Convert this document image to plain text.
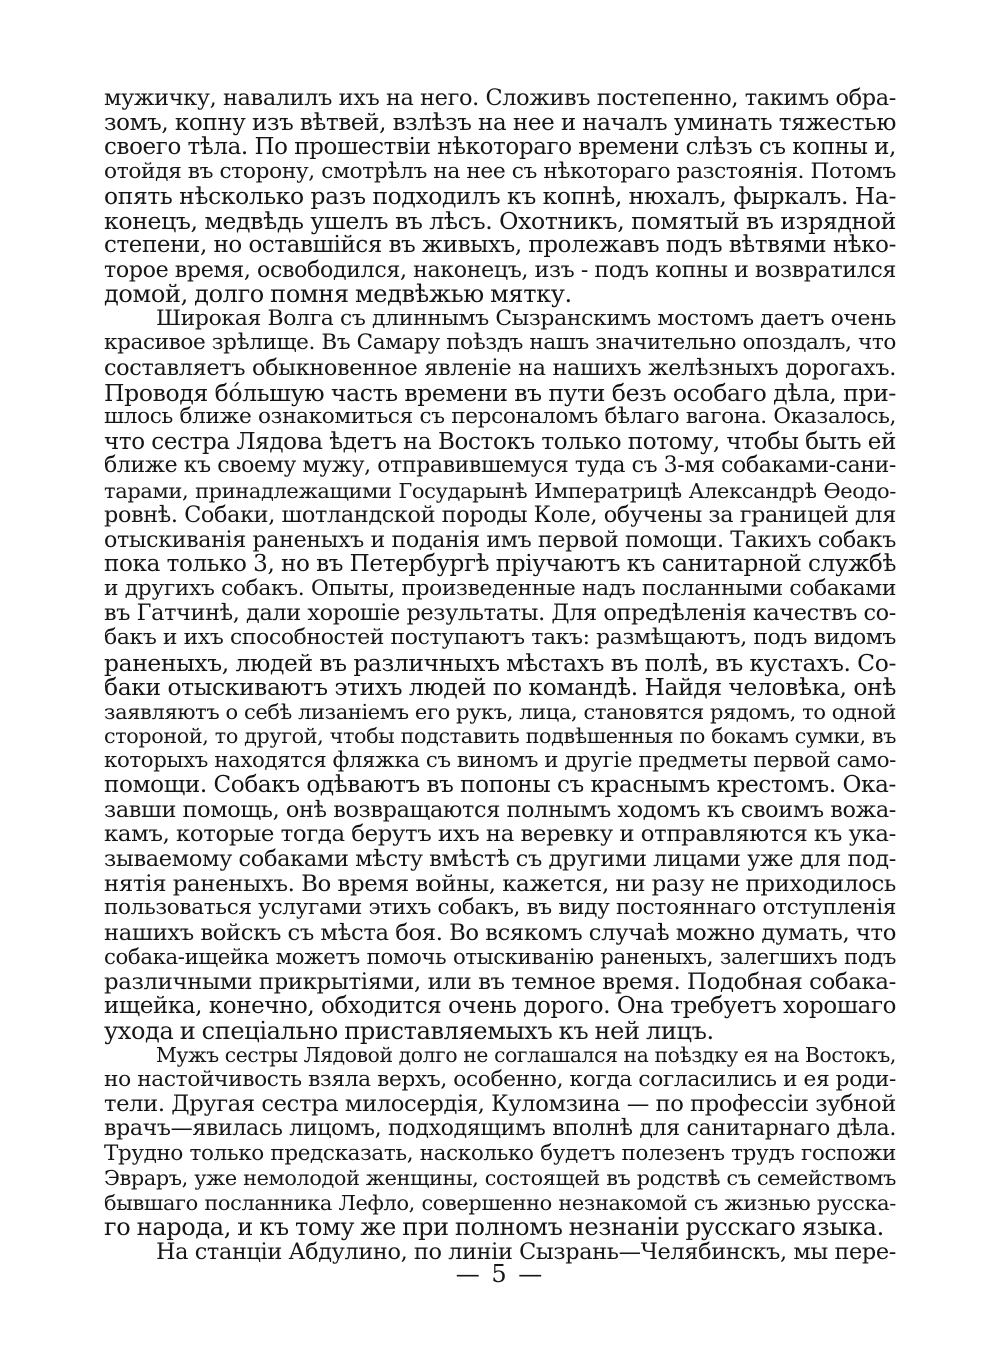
мужичку, навалилъ ихъ на него. Сложивъ постепенно, такимъ обра-
зомъ, копну изъ вѣтвей, взлѣзъ на нее и началъ уминать тяжестью
своего тѣла. По прошествіи нѣкотораго времени слѣзъ съ копны и,
отойдя въ сторону, смотрѣлъ на нее съ нѣкотораго разстоянія. Потомъ
опять нѣсколько разъ подходилъ къ копнѣ, нюхалъ, фыркалъ. На-
конецъ, медвѣдь ушелъ въ лѣсъ. Охотникъ, помятый въ изрядной
степени, но оставшійся въ живыхъ, пролежавъ подъ вѣтвями нѣко-
торое время, освободился, наконецъ, изъ - подъ копны и возвратился
домой, долго помня медвѣжью мятку.
Широкая Волга съ длиннымъ Сызранскимъ мостомъ даетъ очень
красивое зрѣлище. Въ Самару поѣздъ нашъ значительно опоздалъ, что
составляетъ обыкновенное явленіе на нашихъ желѣзныхъ дорогахъ.
Проводя бóльшую часть времени въ пути безъ особаго дѣла, при-
шлось ближе ознакомиться съ персоналомъ бѣлаго вагона. Оказалось,
что сестра Лядова ѣдетъ на Востокъ только потому, чтобы быть ей
ближе къ своему мужу, отправившемуся туда съ 3-мя собаками-сани-
тарами, принадлежащими Государынѣ Императрицѣ Александрѣ Ѳеодо-
ровнѣ. Собаки, шотландской породы Коле, обучены за границей для
отыскиванія раненыхъ и поданія имъ первой помощи. Такихъ собакъ
пока только 3, но въ Петербургѣ пріучаютъ къ санитарной службѣ
и другихъ собакъ. Опыты, произведенные надъ посланными собаками
въ Гатчинѣ, дали хорошіе результаты. Для опредѣленія качествъ со-
бакъ и ихъ способностей поступаютъ такъ: размѣщаютъ, подъ видомъ
раненыхъ, людей въ различныхъ мѣстахъ въ полѣ, въ кустахъ. Со-
баки отыскиваютъ этихъ людей по командѣ. Найдя человѣка, онѣ
заявляютъ о себѣ лизаніемъ его рукъ, лица, становятся рядомъ, то одной
стороной, то другой, чтобы подставить подвѣшенныя по бокамъ сумки, въ
которыхъ находятся фляжка съ виномъ и другіе предметы первой само-
помощи. Собакъ одѣваютъ въ попоны съ краснымъ крестомъ. Ока-
завши помощь, онѣ возвращаются полнымъ ходомъ къ своимъ вожа-
камъ, которые тогда берутъ ихъ на веревку и отправляются къ ука-
зываемому собаками мѣсту вмѣстѣ съ другими лицами уже для под-
нятія раненыхъ. Во время войны, кажется, ни разу не приходилось
пользоваться услугами этихъ собакъ, въ виду постояннаго отступленія
нашихъ войскъ съ мѣста боя. Во всякомъ случаѣ можно думать, что
собака-ищейка можетъ помочь отыскиванію раненыхъ, залегшихъ подъ
различными прикрытіями, или въ темное время. Подобная собака-
ищейка, конечно, обходится очень дорого. Она требуетъ хорошаго
ухода и спеціально приставляемыхъ къ ней лицъ.
Мужъ сестры Лядовой долго не соглашался на поѣздку ея на Востокъ,
но настойчивость взяла верхъ, особенно, когда согласились и ея роди-
тели. Другая сестра милосердія, Куломзина — по профессіи зубной
врачъ—явилась лицомъ, подходящимъ вполнѣ для санитарнаго дѣла.
Трудно только предсказать, насколько будетъ полезенъ трудъ госпожи
Эвраръ, уже немолодой женщины, состоящей въ родствѣ съ семействомъ
бывшаго посланника Лефло, совершенно незнакомой съ жизнью русска-
го народа, и къ тому же при полномъ незнаніи русскаго языка.
На станціи Абдулино, по линіи Сызрань—Челябинскъ, мы пере-
— 5 —
